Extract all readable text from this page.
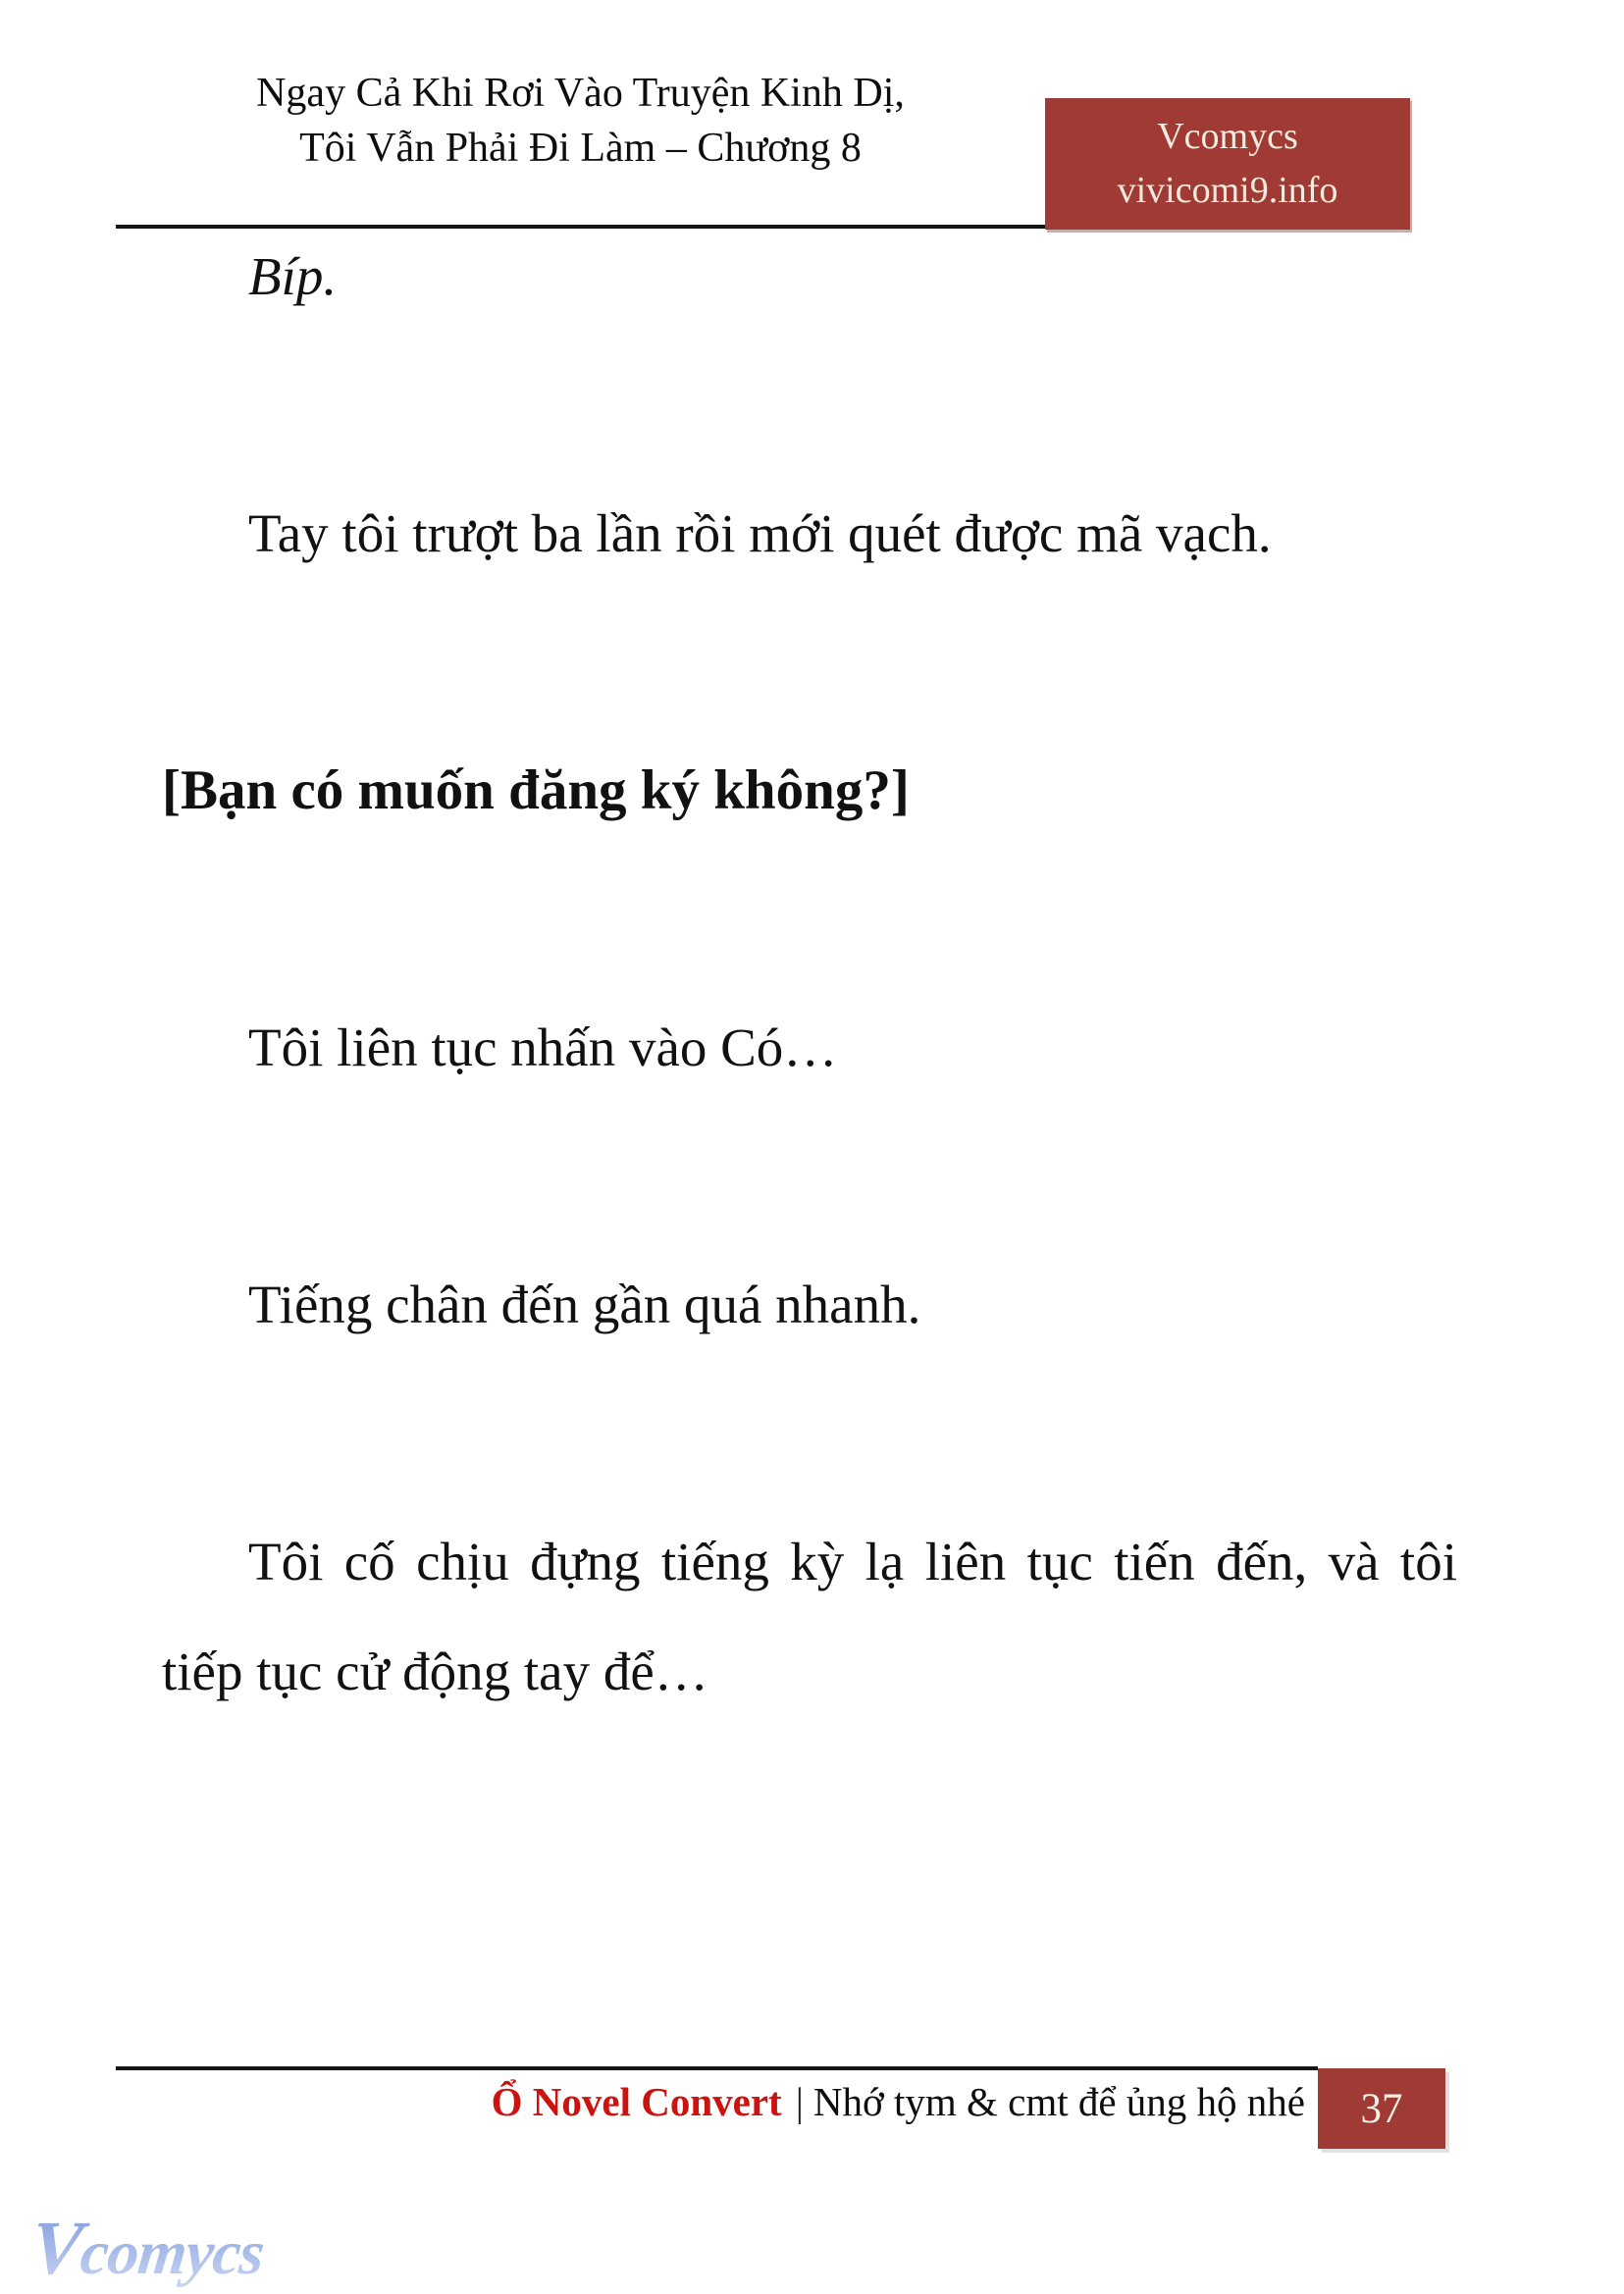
Ngay Cả Khi Rơi Vào Truyện Kinh Dị,
Tôi Vẫn Phải Đi Làm – Chương 8	Vcomycs
vivicomi9.info

Bíp.

Tay tôi trượt ba lần rồi mới quét được mã vạch.

[Bạn có muốn đăng ký không?]

Tôi liên tục nhấn vào Có…

Tiếng chân đến gần quá nhanh.

Tôi cố chịu đựng tiếng kỳ lạ liên tục tiến đến, và tôi tiếp tục cử động tay để…

Ổ Novel Convert | Nhớ tym & cmt để ủng hộ nhé 37
Vcomycs
